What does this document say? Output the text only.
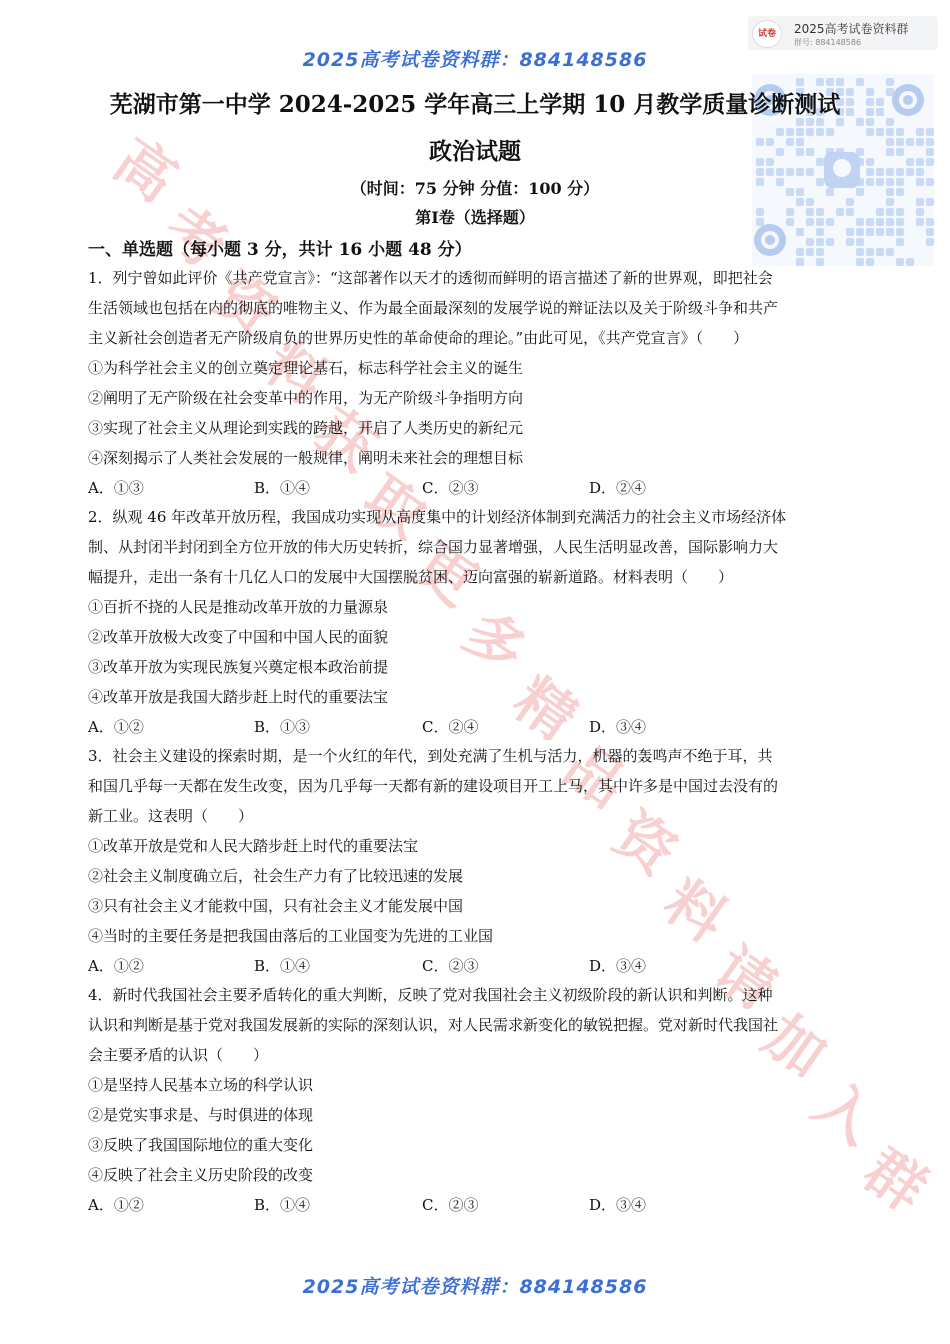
2025高考试卷资料群：884148586
试卷	2025高考试卷资料群
群号: 884148586
高
考
资
料
获
取
更
多
精
品
资
料
请
加
入
群
芜湖市第一中学 2024-2025 学年高三上学期 10 月教学质量诊断测试
政治试题
（时间：75 分钟 分值：100 分）
第Ⅰ卷（选择题）
一、单选题（每小题 3 分，共计 16 小题 48 分）
1．列宁曾如此评价《共产党宣言》：“这部著作以天才的透彻而鲜明的语言描述了新的世界观，即把社会
生活领域也包括在内的彻底的唯物主义、作为最全面最深刻的发展学说的辩证法以及关于阶级斗争和共产
主义新社会创造者无产阶级肩负的世界历史性的革命使命的理论。”由此可见，《共产党宣言》（　　）
①为科学社会主义的创立奠定理论基石，标志科学社会主义的诞生
②阐明了无产阶级在社会变革中的作用，为无产阶级斗争指明方向
③实现了社会主义从理论到实践的跨越，开启了人类历史的新纪元
④深刻揭示了人类社会发展的一般规律，阐明未来社会的理想目标
A．①③	B．①④	C．②③	D．②④
2．纵观 46 年改革开放历程，我国成功实现从高度集中的计划经济体制到充满活力的社会主义市场经济体
制、从封闭半封闭到全方位开放的伟大历史转折，综合国力显著增强，人民生活明显改善，国际影响力大
幅提升，走出一条有十几亿人口的发展中大国摆脱贫困、迈向富强的崭新道路。材料表明（　　）
①百折不挠的人民是推动改革开放的力量源泉
②改革开放极大改变了中国和中国人民的面貌
③改革开放为实现民族复兴奠定根本政治前提
④改革开放是我国大踏步赶上时代的重要法宝
A．①②	B．①③	C．②④	D．③④
3．社会主义建设的探索时期，是一个火红的年代，到处充满了生机与活力，机器的轰鸣声不绝于耳，共
和国几乎每一天都在发生改变，因为几乎每一天都有新的建设项目开工上马，其中许多是中国过去没有的
新工业。这表明（　　）
①改革开放是党和人民大踏步赶上时代的重要法宝
②社会主义制度确立后，社会生产力有了比较迅速的发展
③只有社会主义才能救中国，只有社会主义才能发展中国
④当时的主要任务是把我国由落后的工业国变为先进的工业国
A．①②	B．①④	C．②③	D．③④
4．新时代我国社会主要矛盾转化的重大判断，反映了党对我国社会主义初级阶段的新认识和判断。这种
认识和判断是基于党对我国发展新的实际的深刻认识，对人民需求新变化的敏锐把握。党对新时代我国社
会主要矛盾的认识（　　）
①是坚持人民基本立场的科学认识
②是党实事求是、与时俱进的体现
③反映了我国国际地位的重大变化
④反映了社会主义历史阶段的改变
A．①②	B．①④	C．②③	D．③④
2025高考试卷资料群：884148586
